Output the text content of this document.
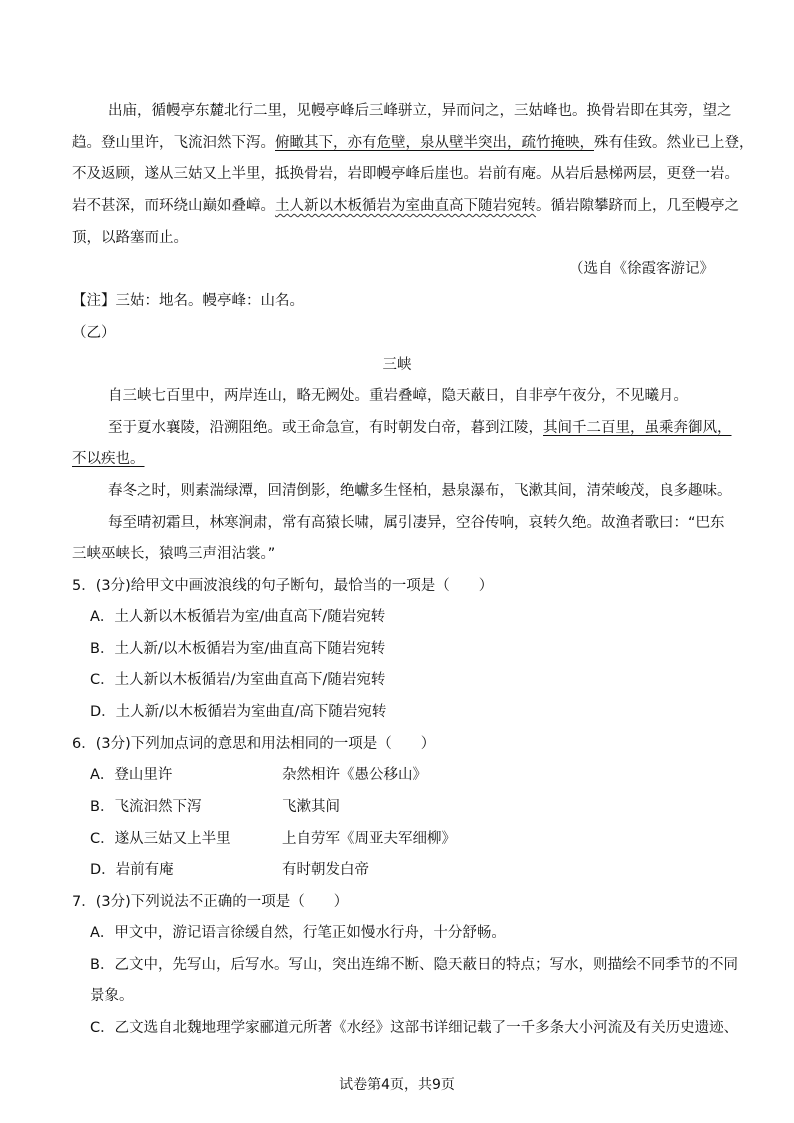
出庙，循幔亭东麓北行二里，见幔亭峰后三峰骈立，异而问之，三姑峰也。换骨岩即在其旁，望之
趋。登山里许，飞流汩然下泻。俯瞰其下，亦有危壁，泉从壁半突出，疏竹掩映，殊有佳致。然业已上登，
不及返顾，遂从三姑又上半里，抵换骨岩，岩即幔亭峰后崖也。岩前有庵。从岩后悬梯两层，更登一岩。
岩不甚深，而环绕山巅如叠嶂。土人新以木板循岩为室曲直高下随岩宛转。循岩隙攀跻而上，几至幔亭之
顶，以路塞而止。
（选自《徐霞客游记》
【注】三姑：地名。幔亭峰：山名。
（乙）
三峡
自三峡七百里中，两岸连山，略无阙处。重岩叠嶂，隐天蔽日，自非亭午夜分，不见曦月。
至于夏水襄陵，沿溯阻绝。或王命急宣，有时朝发白帝，暮到江陵，其间千二百里，虽乘奔御风，
不以疾也。
春冬之时，则素湍绿潭，回清倒影，绝巘多生怪柏，悬泉瀑布，飞漱其间，清荣峻茂，良多趣味。
每至晴初霜旦，林寒涧肃，常有高猿长啸，属引凄异，空谷传响，哀转久绝。故渔者歌曰：“巴东
三峡巫峡长，猿鸣三声泪沾裳。”
5．(3分)给甲文中画波浪线的句子断句，最恰当的一项是（　　）
A．土人新以木板循岩为室/曲直高下/随岩宛转
B．土人新/以木板循岩为室/曲直高下随岩宛转
C．土人新以木板循岩/为室曲直高下/随岩宛转
D．土人新/以木板循岩为室曲直/高下随岩宛转
6．(3分)下列加点词的意思和用法相同的一项是（　　）
A．登山里许	杂然相许《愚公移山》
B．飞流汩然下泻	飞漱其间
C．遂从三姑又上半里	上自劳军《周亚夫军细柳》
D．岩前有庵	有时朝发白帝
7．(3分)下列说法不正确的一项是（　　）
A．甲文中，游记语言徐缓自然，行笔正如慢水行舟，十分舒畅。
B．乙文中，先写山，后写水。写山，突出连绵不断、隐天蔽日的特点；写水，则描绘不同季节的不同
景象。
C．乙文选自北魏地理学家郦道元所著《水经》这部书详细记载了一千多条大小河流及有关历史遗迹、
试卷第4页，共9页
